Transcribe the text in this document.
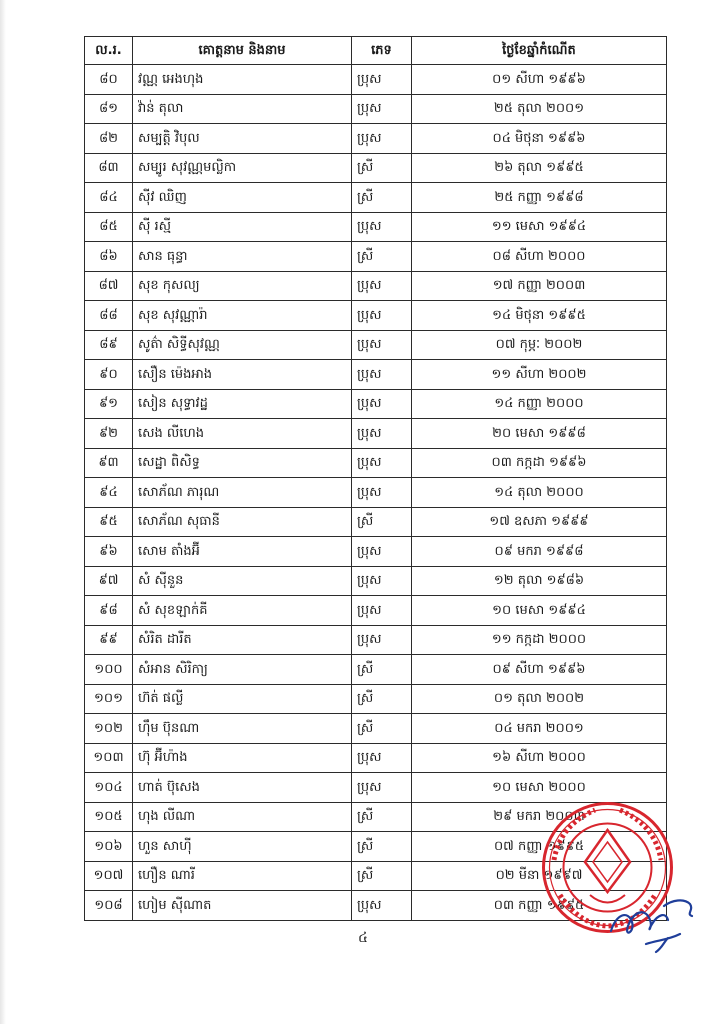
ល.រ.	គោត្តនាម និងនាម	ភេទ	ថ្ងៃខែឆ្នាំកំណើត
៨០	វណ្ណ អេងហុង	ប្រុស	០១ សីហា ១៩៩៦
៨១	វ៉ាន់ តុលា	ប្រុស	២៥ តុលា ២០០១
៨២	សម្បត្តិ វិបុល	ប្រុស	០៤ មិថុនា ១៩៩៦
៨៣	សម្បូរ សុវណ្ណមល្លិកា	ស្រី	២៦ តុលា ១៩៩៥
៨៤	ស៊ីវ ឈិញ	ស្រី	២៥ កញ្ញា ១៩៩៨
៨៥	ស៊ី រស្មី	ប្រុស	១១ មេសា ១៩៩៤
៨៦	សាន ធុន្ធា	ស្រី	០៨ សីហា ២០០០
៨៧	សុខ កុសល្យ	ប្រុស	១៧ កញ្ញា ២០០៣
៨៨	សុខ សុវណ្ណារ៉ា	ប្រុស	១៤ មិថុនា ១៩៩៥
៨៩	សូត៌ា សិទ្ធីសុវណ្ណ	ប្រុស	០៧ កុម្ភៈ ២០០២
៩០	សឿន ម៉េងអាង	ប្រុស	១១ សីហា ២០០២
៩១	សៀន សុទ្ធាវដ្ឋ	ប្រុស	១៤ កញ្ញា ២០០០
៩២	សេង លីហេង	ប្រុស	២០ មេសា ១៩៩៨
៩៣	សេដ្ឋា ពិសិទ្ធ	ប្រុស	០៣ កក្កដា ១៩៩៦
៩៤	សោភ័ណ ភារុណ	ប្រុស	១៤ តុលា ២០០០
៩៥	សោភ័ណ សុធានី	ស្រី	១៧ ឧសភា ១៩៩៩
៩៦	សោម តាំងអ៊ី	ប្រុស	០៩ មករា ១៩៩៨
៩៧	សំ ស៊ីនួន	ប្រុស	១២ តុលា ១៩៨៦
៩៨	សំ សុខឡាក់គី	ប្រុស	១០ មេសា ១៩៩៤
៩៩	សំរិត ដារីត	ប្រុស	១១ កក្កដា ២០០០
១០០	សំអាន សិរិកា្យ	ស្រី	០៩ សីហា ១៩៩៦
១០១	ហ៊ត់ ផល្លី	ស្រី	០១ តុលា ២០០២
១០២	ហ៊ឹម ប៊ុនណា	ស្រី	០៤ មករា ២០០១
១០៣	ហ៊ុ អ៊ីហ៉ាង	ប្រុស	១៦ សីហា ២០០០
១០៤	ហាត់ ប៊ុសេង	ប្រុស	១០ មេសា ២០០០
១០៥	ហុង លីណា	ស្រី	២៩ មករា ២០០៣
១០៦	ហួន សាហ៊ី	ស្រី	០៧ កញ្ញា ១៩៩៥
១០៧	ហឿន ណារី	ស្រី	០២ មីនា ១៩៩៧
១០៨	ហៀម ស៊ីណាត	ប្រុស	០៣ កញ្ញា ១៩៩៥
៤
